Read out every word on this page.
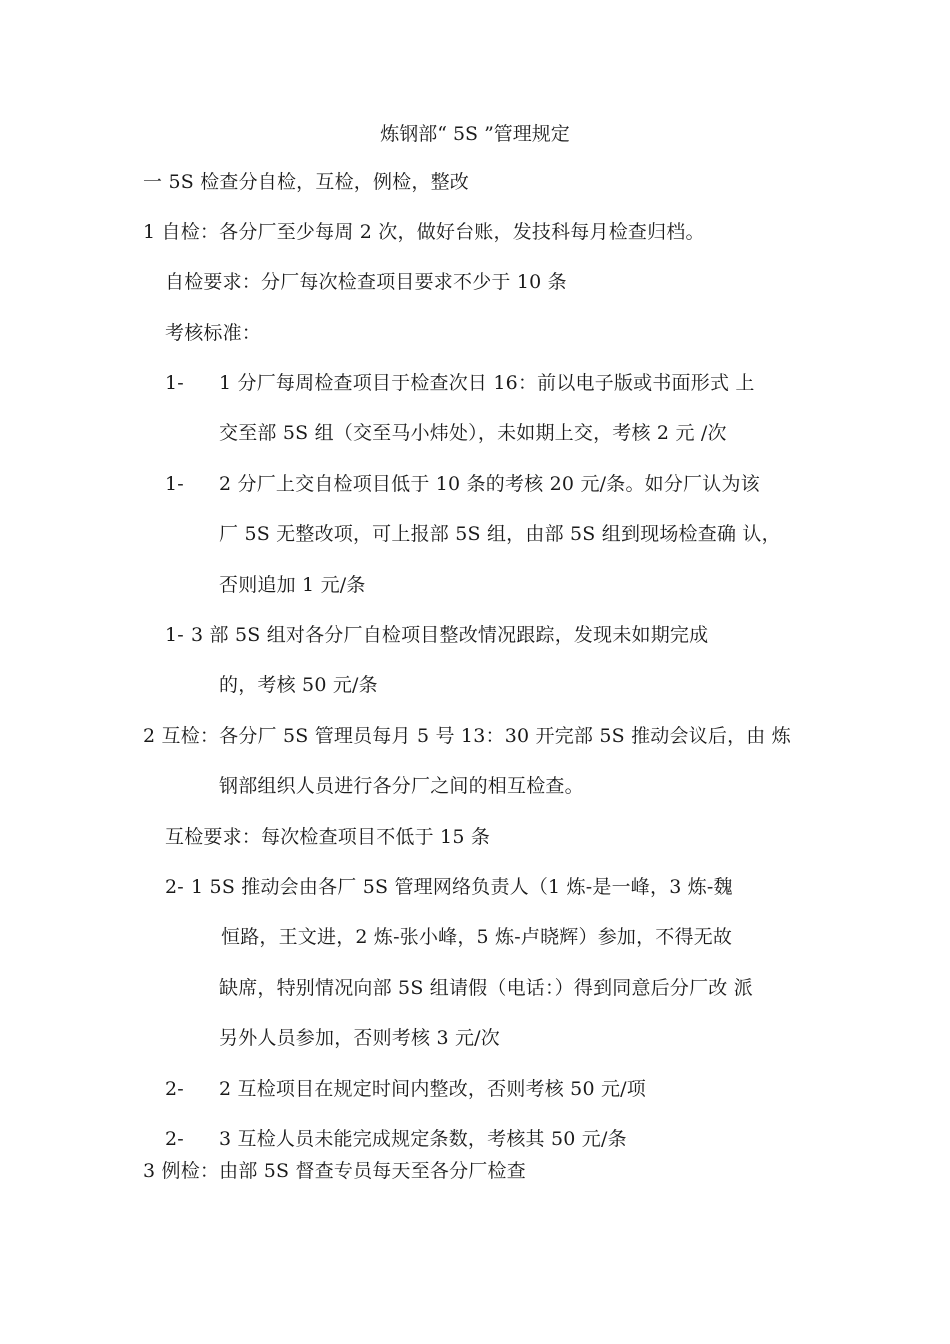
炼钢部“ 5S ”管理规定
一 5S 检查分自检，互检，例检，整改
1 自检：各分厂至少每周 2 次，做好台账，发技科每月检查归档。
自检要求：分厂每次检查项目要求不少于 10 条
考核标准：
1- 1 分厂每周检查项目于检查次日 16：前以电子版或书面形式 上
交至部 5S 组（交至马小炜处），未如期上交，考核 2 元 /次
1- 2 分厂上交自检项目低于 10 条的考核 20 元/条。如分厂认为该
厂 5S 无整改项，可上报部 5S 组，由部 5S 组到现场检查确 认，
否则追加 1 元/条
1- 3 部 5S 组对各分厂自检项目整改情况跟踪，发现未如期完成
的，考核 50 元/条
2 互检：各分厂 5S 管理员每月 5 号 13：30 开完部 5S 推动会议后，由 炼
钢部组织人员进行各分厂之间的相互检查。
互检要求：每次检查项目不低于 15 条
2- 1 5S 推动会由各厂 5S 管理网络负责人（1 炼-是一峰，3 炼-魏
恒路，王文进，2 炼-张小峰，5 炼-卢晓辉）参加，不得无故
缺席，特别情况向部 5S 组请假（电话：）得到同意后分厂改 派
另外人员参加，否则考核 3 元/次
2- 2 互检项目在规定时间内整改，否则考核 50 元/项
2- 3 互检人员未能完成规定条数，考核其 50 元/条
3 例检：由部 5S 督查专员每天至各分厂检查
